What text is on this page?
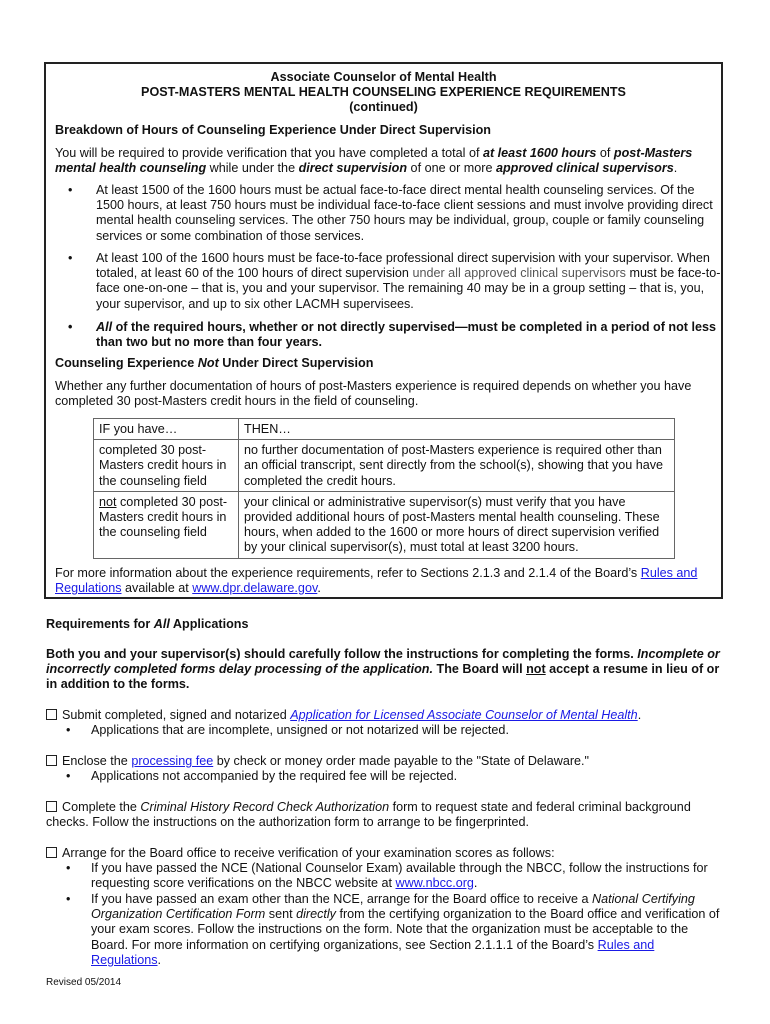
Associate Counselor of Mental Health
POST-MASTERS MENTAL HEALTH COUNSELING EXPERIENCE REQUIREMENTS
(continued)
Breakdown of Hours of Counseling Experience Under Direct Supervision
You will be required to provide verification that you have completed a total of at least 1600 hours of post-Masters mental health counseling while under the direct supervision of one or more approved clinical supervisors.
• At least 1500 of the 1600 hours must be actual face-to-face direct mental health counseling services. Of the 1500 hours, at least 750 hours must be individual face-to-face client sessions and must involve providing direct mental health counseling services. The other 750 hours may be individual, group, couple or family counseling services or some combination of those services.
• At least 100 of the 1600 hours must be face-to-face professional direct supervision with your supervisor. When totaled, at least 60 of the 100 hours of direct supervision under all approved clinical supervisors must be face-to-face one-on-one – that is, you and your supervisor. The remaining 40 may be in a group setting – that is, you, your supervisor, and up to six other LACMH supervisees.
• All of the required hours, whether or not directly supervised—must be completed in a period of not less than two but no more than four years.
Counseling Experience Not Under Direct Supervision
Whether any further documentation of hours of post-Masters experience is required depends on whether you have completed 30 post-Masters credit hours in the field of counseling.
IF you have…	THEN…
completed 30 post-Masters credit hours in the counseling field	no further documentation of post-Masters experience is required other than an official transcript, sent directly from the school(s), showing that you have completed the credit hours.
not completed 30 post-Masters credit hours in the counseling field	your clinical or administrative supervisor(s) must verify that you have provided additional hours of post-Masters mental health counseling. These hours, when added to the 1600 or more hours of direct supervision verified by your clinical supervisor(s), must total at least 3200 hours.
For more information about the experience requirements, refer to Sections 2.1.3 and 2.1.4 of the Board’s Rules and Regulations available at www.dpr.delaware.gov.
Requirements for All Applications
Both you and your supervisor(s) should carefully follow the instructions for completing the forms. Incomplete or incorrectly completed forms delay processing of the application. The Board will not accept a resume in lieu of or in addition to the forms.
Submit completed, signed and notarized Application for Licensed Associate Counselor of Mental Health.
• Applications that are incomplete, unsigned or not notarized will be rejected.
Enclose the processing fee by check or money order made payable to the "State of Delaware."
• Applications not accompanied by the required fee will be rejected.
Complete the Criminal History Record Check Authorization form to request state and federal criminal background checks. Follow the instructions on the authorization form to arrange to be fingerprinted.
Arrange for the Board office to receive verification of your examination scores as follows:
• If you have passed the NCE (National Counselor Exam) available through the NBCC, follow the instructions for requesting score verifications on the NBCC website at www.nbcc.org.
• If you have passed an exam other than the NCE, arrange for the Board office to receive a National Certifying Organization Certification Form sent directly from the certifying organization to the Board office and verification of your exam scores. Follow the instructions on the form. Note that the organization must be acceptable to the Board. For more information on certifying organizations, see Section 2.1.1.1 of the Board’s Rules and Regulations.
Revised 05/2014
